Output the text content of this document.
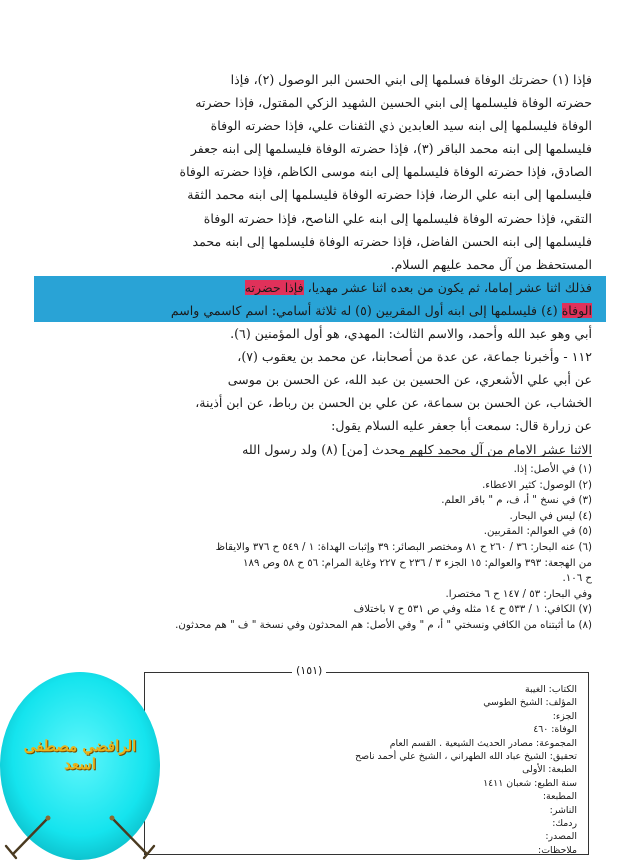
فإذا (١) حضرتك الوفاة فسلمها إلى ابني الحسن البر الوصول (٢)، فإذا
حضرته الوفاة فليسلمها إلى ابني الحسين الشهيد الزكي المقتول، فإذا حضرته
الوفاة فليسلمها إلى ابنه سيد العابدين ذي الثفنات علي، فإذا حضرته الوفاة
فليسلمها إلى ابنه محمد الباقر (٣)، فإذا حضرته الوفاة فليسلمها إلى ابنه جعفر
الصادق، فإذا حضرته الوفاة فليسلمها إلى ابنه موسى الكاظم، فإذا حضرته الوفاة
فليسلمها إلى ابنه علي الرضا، فإذا حضرته الوفاة فليسلمها إلى ابنه محمد الثقة
التقي، فإذا حضرته الوفاة فليسلمها إلى ابنه علي الناصح، فإذا حضرته الوفاة
فليسلمها إلى ابنه الحسن الفاضل، فإذا حضرته الوفاة فليسلمها إلى ابنه محمد
المستحفظ من آل محمد عليهم السلام.
فذلك اثنا عشر إماما، ثم يكون من بعده اثنا عشر مهديا، فإذا حضرته
الوفاة (٤) فليسلمها إلى ابنه أول المقربين (٥) له ثلاثة أسامي: اسم كاسمي واسم
أبي وهو عبد الله وأحمد، والاسم الثالث: المهدي، هو أول المؤمنين (٦).
١١٢ - وأخبرنا جماعة، عن عدة من أصحابنا، عن محمد بن يعقوب (٧)،
عن أبي علي الأشعري، عن الحسين بن عبد الله، عن الحسن بن موسى
الخشاب، عن الحسن بن سماعة، عن علي بن الحسن بن رباط، عن ابن أذينة،
عن زرارة قال: سمعت أبا جعفر عليه السلام يقول:
الاثنا عشر الامام من آل محمد كلهم محدث [من] (٨) ولد رسول الله
(١) في الأصل: إذا.
(٢) الوصول: كثير الاعطاء.
(٣) في نسخ " أ، ف، م " باقر العلم.
(٤) ليس في البحار.
(٥) في العوالم: المقربين.
(٦) عنه البحار: ٣٦ / ٢٦٠ ح ٨١ ومختصر البصائر: ٣٩ وإثبات الهداة: ١ / ٥٤٩ ح ٣٧٦ والايقاظ
من الهجعة: ٣٩٣ والعوالم: ١٥ الجزء ٣ / ٢٣٦ ح ٢٢٧ وغاية المرام: ٥٦ ح ٥٨ وص ١٨٩
ح ١٠٦.
وفي البحار: ٥٣ / ١٤٧ ح ٦ مختصرا.
(٧) الكافي: ١ / ٥٣٣ ح ١٤ مثله وفي ص ٥٣١ ح ٧ باختلاف
(٨) ما أثبتناه من الكافي ونسختي " أ، م " وفي الأصل: هم المحدثون وفي نسخة " ف " هم محدثون.
(١٥١)
الكتاب: الغيبة
المؤلف: الشيخ الطوسي
الجزء:
الوفاة: ٤٦٠
المجموعة: مصادر الحديث الشيعية . القسم العام
تحقيق: الشيخ عباد الله الطهراني ، الشيخ علي أحمد ناصح
الطبعة: الأولى
سنة الطبع: شعبان ١٤١١
المطبعة:
الناشر:
ردمك:
المصدر:
ملاحظات:
الرافضي مصطفى اسعد
